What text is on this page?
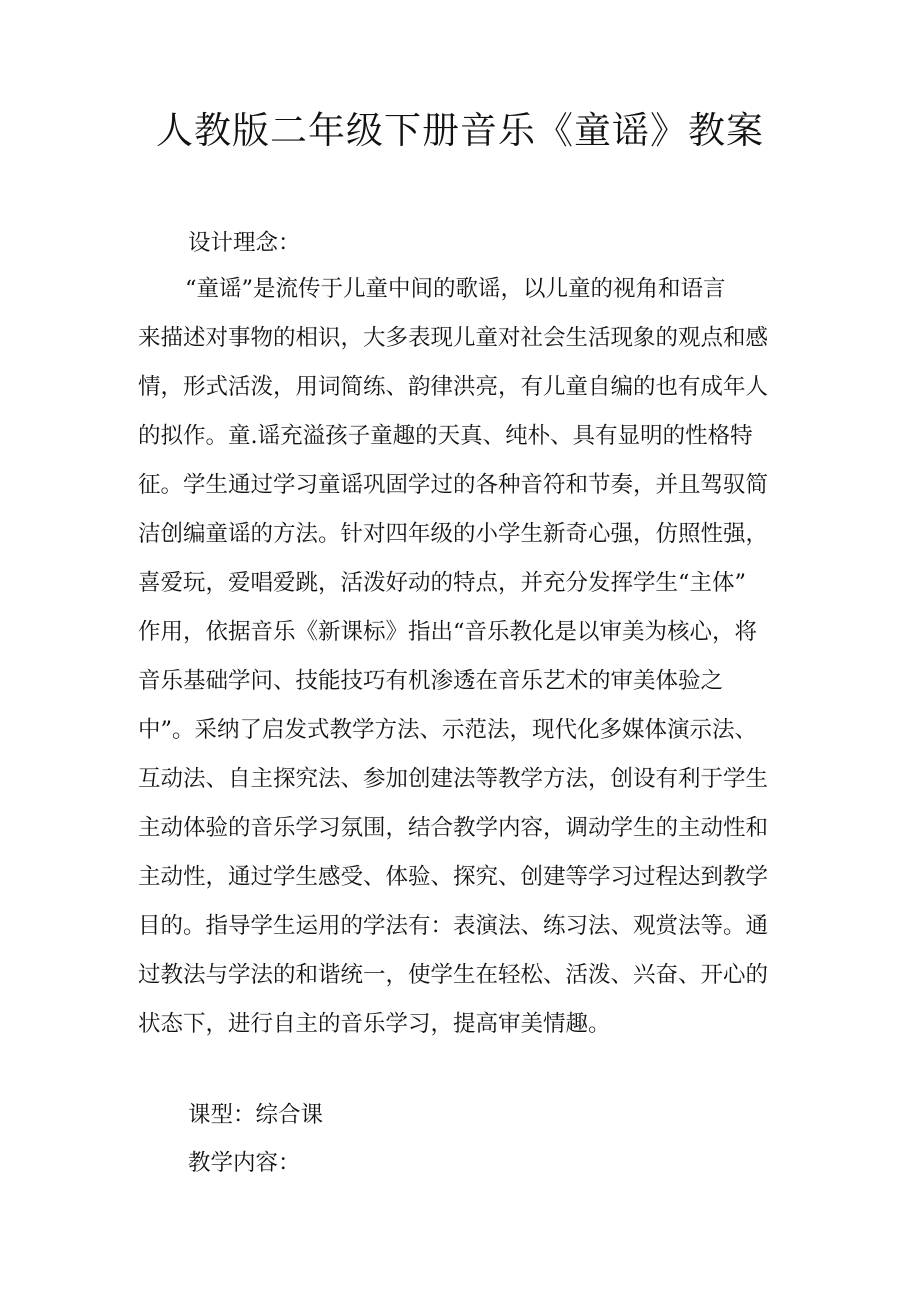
人教版二年级下册音乐《童谣》教案

设计理念：

“童谣”是流传于儿童中间的歌谣，以儿童的视角和语言

来描述对事物的相识，大多表现儿童对社会生活现象的观点和感

情，形式活泼，用词简练、韵律洪亮，有儿童自编的也有成年人

的拟作。童.谣充溢孩子童趣的天真、纯朴、具有显明的性格特

征。学生通过学习童谣巩固学过的各种音符和节奏，并且驾驭简

洁创编童谣的方法。针对四年级的小学生新奇心强，仿照性强，

喜爱玩，爱唱爱跳，活泼好动的特点，并充分发挥学生“主体”

作用，依据音乐《新课标》指出“音乐教化是以审美为核心，将

音乐基础学问、技能技巧有机渗透在音乐艺术的审美体验之

中”。采纳了启发式教学方法、示范法，现代化多媒体演示法、

互动法、自主探究法、参加创建法等教学方法，创设有利于学生

主动体验的音乐学习氛围，结合教学内容，调动学生的主动性和

主动性，通过学生感受、体验、探究、创建等学习过程达到教学

目的。指导学生运用的学法有：表演法、练习法、观赏法等。通

过教法与学法的和谐统一，使学生在轻松、活泼、兴奋、开心的

状态下，进行自主的音乐学习，提高审美情趣。

课型：综合课

教学内容：
